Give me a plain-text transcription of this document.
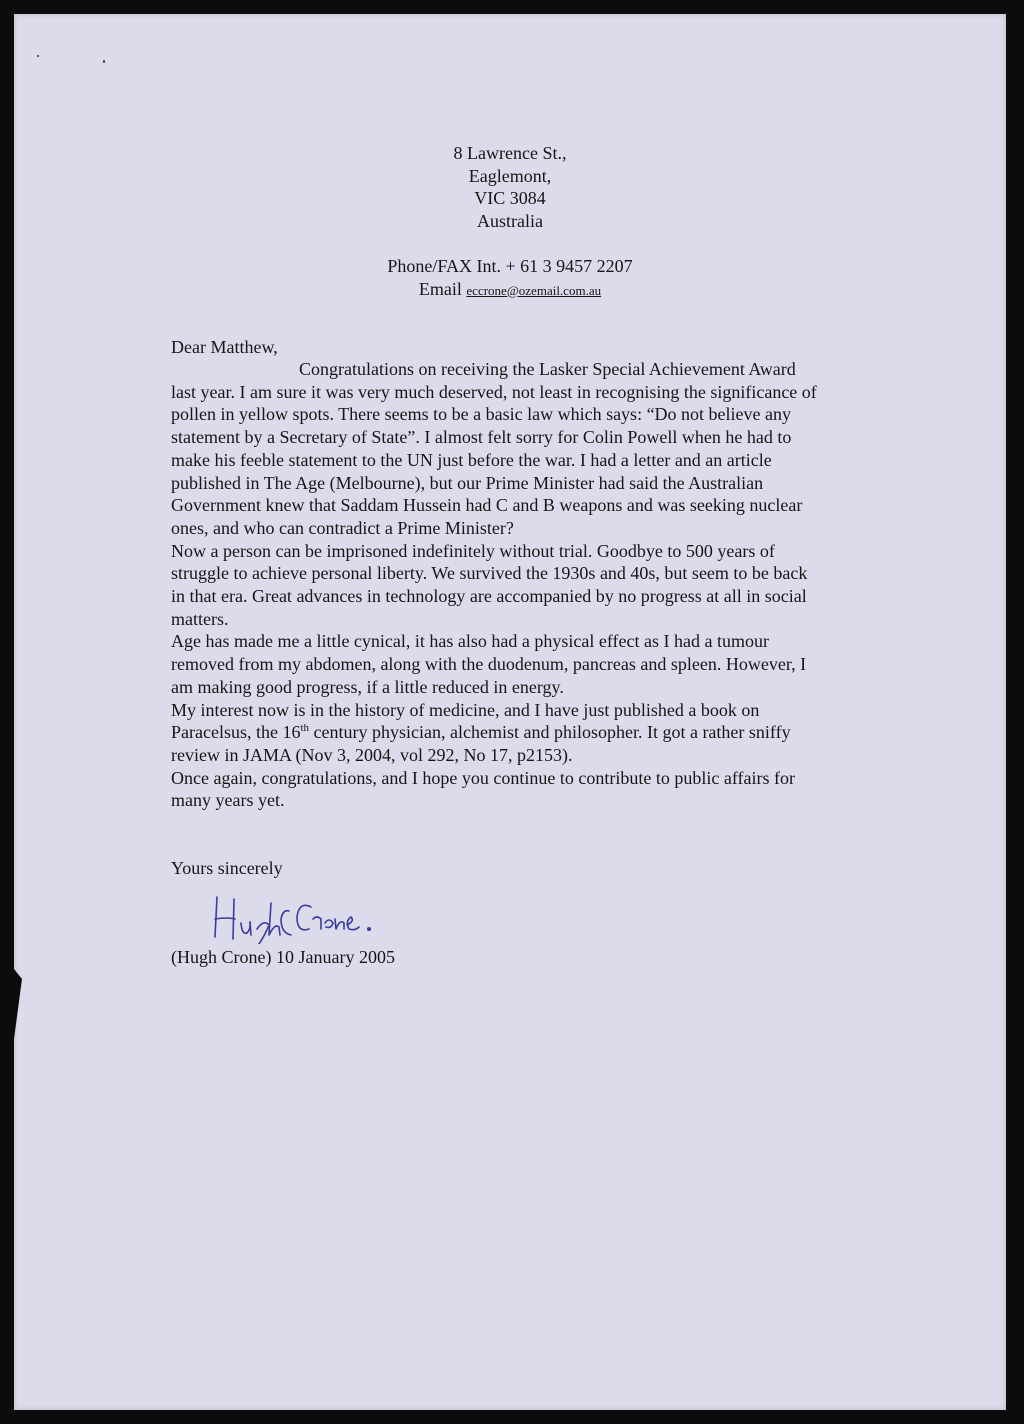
8 Lawrence St.,
Eaglemont,
VIC 3084
Australia
Phone/FAX Int. + 61 3 9457 2207
Email eccrone@ozemail.com.au
Dear Matthew,

Congratulations on receiving the Lasker Special Achievement Award last year. I am sure it was very much deserved, not least in recognising the significance of pollen in yellow spots. There seems to be a basic law which says: “Do not believe any statement by a Secretary of State”. I almost felt sorry for Colin Powell when he had to make his feeble statement to the UN just before the war. I had a letter and an article published in The Age (Melbourne), but our Prime Minister had said the Australian Government knew that Saddam Hussein had C and B weapons and was seeking nuclear ones, and who can contradict a Prime Minister?

Now a person can be imprisoned indefinitely without trial. Goodbye to 500 years of struggle to achieve personal liberty. We survived the 1930s and 40s, but seem to be back in that era. Great advances in technology are accompanied by no progress at all in social matters.

Age has made me a little cynical, it has also had a physical effect as I had a tumour removed from my abdomen, along with the duodenum, pancreas and spleen. However, I am making good progress, if a little reduced in energy.

My interest now is in the history of medicine, and I have just published a book on Paracelsus, the 16th century physician, alchemist and philosopher. It got a rather sniffy review in JAMA (Nov 3, 2004, vol 292, No 17, p2153).

Once again, congratulations, and I hope you continue to contribute to public affairs for many years yet.

Yours sincerely
(Hugh Crone) 10 January 2005
